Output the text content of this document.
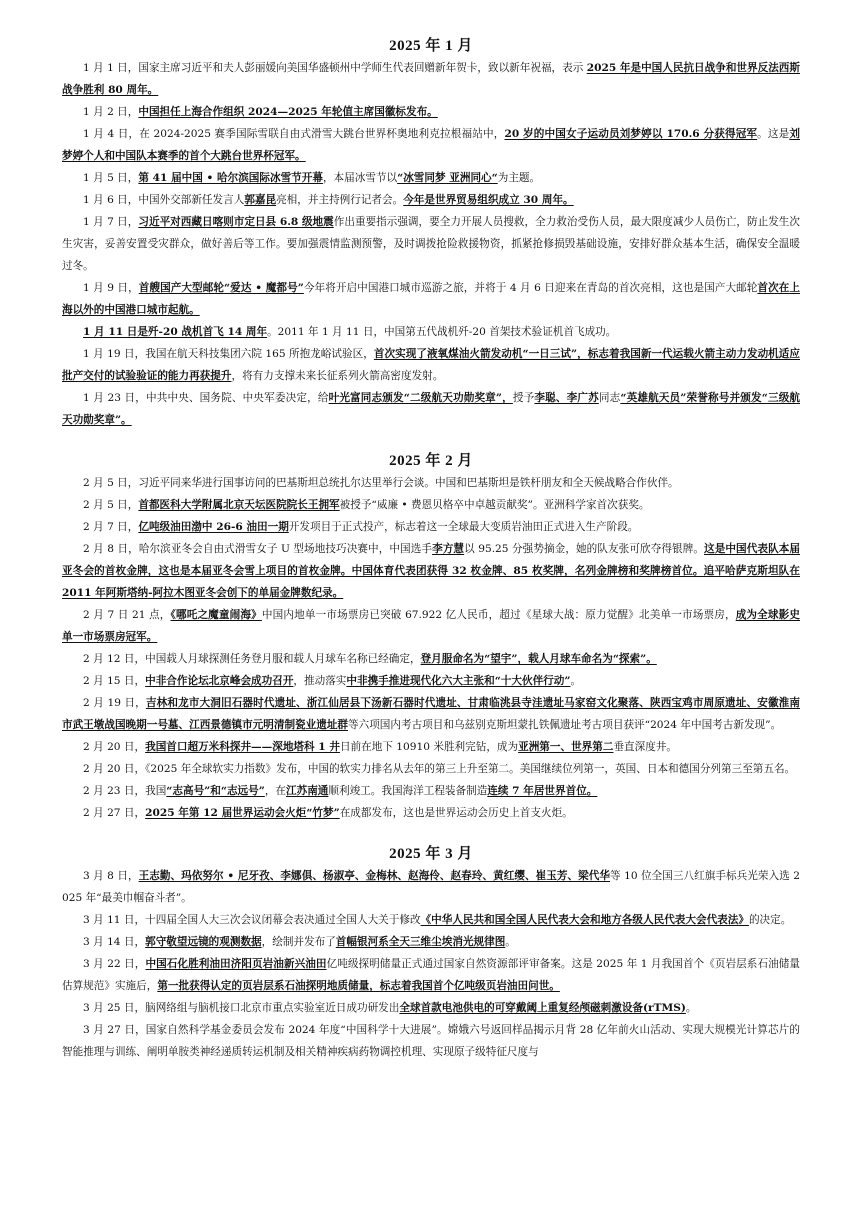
2025 年 1 月

1 月 1 日，国家主席习近平和夫人彭丽媛向美国华盛顿州中学师生代表回赠新年贺卡，致以新年祝福，表示 2025 年是中国人民抗日战争和世界反法西斯战争胜利 80 周年。

1 月 2 日，中国担任上海合作组织 2024—2025 年轮值主席国徽标发布。

1 月 4 日，在 2024-2025 赛季国际雪联自由式滑雪大跳台世界杯奥地利克拉根福站中，20 岁的中国女子运动员刘梦婷以 170.6 分获得冠军。这是刘梦婷个人和中国队本赛季的首个大跳台世界杯冠军。

1 月 5 日，第 41 届中国 • 哈尔滨国际冰雪节开幕，本届冰雪节以“冰雪同梦 亚洲同心“为主题。

1 月 6 日，中国外交部新任发言人郭嘉昆亮相，并主持例行记者会。今年是世界贸易组织成立 30 周年。

1 月 7 日，习近平对西藏日喀则市定日县 6.8 级地震作出重要指示强调，要全力开展人员搜救，全力救治受伤人员，最大限度减少人员伤亡，防止发生次生灾害，妥善安置受灾群众，做好善后等工作。要加强震情监测预警，及时调拨抢险救援物资，抓紧抢修损毁基础设施，安排好群众基本生活，确保安全温暖过冬。

1 月 9 日，首艘国产大型邮轮“爱达 • 魔都号”今年将开启中国港口城市巡游之旅，并将于 4 月 6 日迎来在青岛的首次亮相，这也是国产大邮轮首次在上海以外的中国港口城市起航。

1 月 11 日是歼-20 战机首飞 14 周年。2011 年 1 月 11 日，中国第五代战机歼-20 首架技术验证机首飞成功。

1 月 19 日，我国在航天科技集团六院 165 所抱龙峪试验区，首次实现了液氧煤油火箭发动机“一日三试”，标志着我国新一代运载火箭主动力发动机适应批产交付的试验验证的能力再获提升，将有力支撑未来长征系列火箭高密度发射。

1 月 23 日，中共中央、国务院、中央军委决定，给叶光富同志颁发“二级航天功勋奖章”，授予李聪、李广苏同志“英雄航天员”荣誉称号并颁发“三级航天功勋奖章”。

2025 年 2 月

2 月 5 日，习近平同来华进行国事访问的巴基斯坦总统扎尔达里举行会谈。中国和巴基斯坦是铁杆朋友和全天候战略合作伙伴。

2 月 5 日，首都医科大学附属北京天坛医院院长王拥军被授予“威廉 • 费恩贝格卒中卓越贡献奖”。亚洲科学家首次获奖。

2 月 7 日，亿吨级油田渤中 26-6 油田一期开发项目于正式投产，标志着这一全球最大变质岩油田正式进入生产阶段。

2 月 8 日，哈尔滨亚冬会自由式滑雪女子 U 型场地技巧决赛中，中国选手李方慧以 95.25 分强势摘金，她的队友张可欣夺得银牌。这是中国代表队本届亚冬会的首枚金牌，这也是本届亚冬会雪上项目的首枚金牌。中国体育代表团获得 32 枚金牌、85 枚奖牌，名列金牌榜和奖牌榜首位。追平哈萨克斯坦队在 2011 年阿斯塔纳-阿拉木图亚冬会创下的单届金牌数纪录。

2 月 7 日 21 点，《哪吒之魔童闹海》中国内地单一市场票房已突破 67.922 亿人民币，超过《星球大战：原力觉醒》北美单一市场票房，成为全球影史单一市场票房冠军。

2 月 12 日，中国载人月球探测任务登月服和载人月球车名称已经确定，登月服命名为“望宇”，载人月球车命名为“探索”。

2 月 15 日，中非合作论坛北京峰会成功召开，推动落实中非携手推进现代化六大主张和“十大伙伴行动”。

2 月 19 日，吉林和龙市大洞旧石器时代遗址、浙江仙居县下汤新石器时代遗址、甘肃临洮县寺洼遗址马家窑文化聚落、陕西宝鸡市周原遗址、安徽淮南市武王墩战国晚期一号墓、江西景德镇市元明清制瓷业遗址群等六项国内考古项目和乌兹别克斯坦蒙扎铁佩遗址考古项目获评“2024 年中国考古新发现”。

2 月 20 日，我国首口超万米科探井——深地塔科 1 井日前在地下 10910 米胜利完钻，成为亚洲第一、世界第二垂直深度井。

2 月 20 日，《2025 年全球软实力指数》发布，中国的软实力排名从去年的第三上升至第二。美国继续位列第一，英国、日本和德国分列第三至第五名。

2 月 23 日，我国“志高号”和“志远号”，在江苏南通顺利竣工。我国海洋工程装备制造连续 7 年居世界首位。

2 月 27 日，2025 年第 12 届世界运动会火炬“竹梦”在成都发布，这也是世界运动会历史上首支火炬。

2025 年 3 月

3 月 8 日，王志勤、玛依努尔 • 尼牙孜、李娜俱、杨淑亭、金梅林、赵海伶、赵春玲、黄红缨、崔玉芳、梁代华等 10 位全国三八红旗手标兵光荣入选 2025 年“最美巾帼奋斗者”。

3 月 11 日，十四届全国人大三次会议闭幕会表决通过全国人大关于修改《中华人民共和国全国人民代表大会和地方各级人民代表大会代表法》的决定。

3 月 14 日，郭守敬望远镜的观测数据，绘制并发布了首幅银河系全天三维尘埃消光规律图。

3 月 22 日，中国石化胜利油田济阳页岩油新兴油田亿吨级探明储量正式通过国家自然资源部评审备案。这是 2025 年 1 月我国首个《页岩层系石油储量估算规范》实施后，第一批获得认定的页岩层系石油探明地质储量，标志着我国首个亿吨级页岩油田问世。

3 月 25 日，脑网络组与脑机接口北京市重点实验室近日成功研发出全球首款电池供电的可穿戴阈上重复经颅磁刺激设备(rTMS)。

3 月 27 日，国家自然科学基金委员会发布 2024 年度“中国科学十大进展”。嫦娥六号返回样品揭示月背 28 亿年前火山活动、实现大规模光计算芯片的智能推理与训练、阐明单胺类神经递质转运机制及相关精神疾病药物调控机理、实现原子级特征尺度与
